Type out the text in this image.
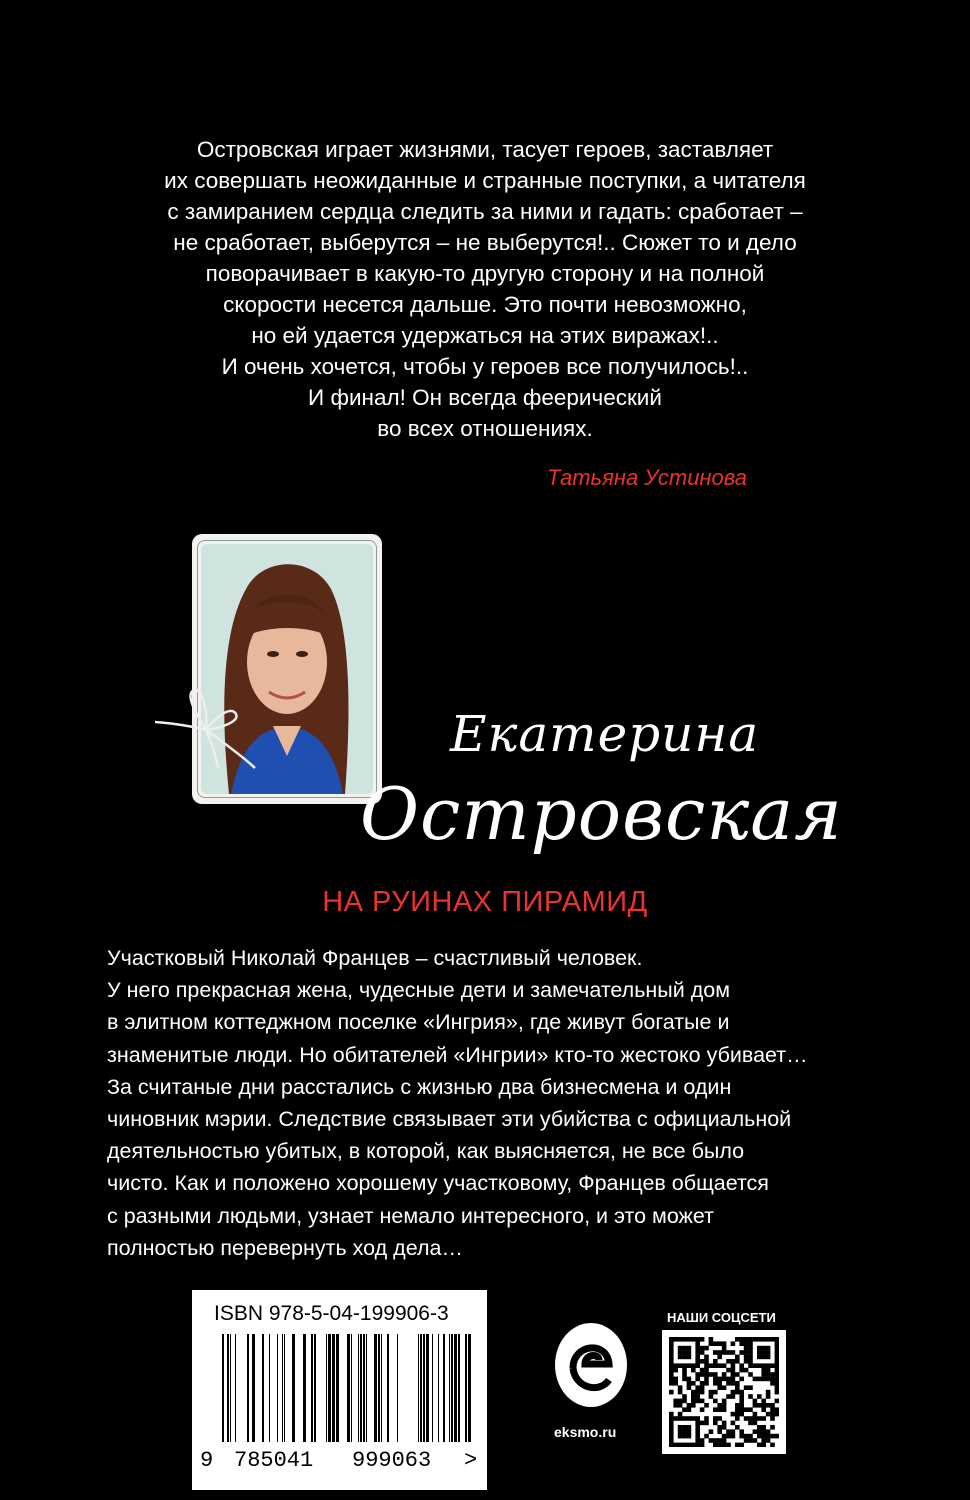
Островская играет жизнями, тасует героев, заставляет
их совершать неожиданные и странные поступки, а читателя
с замиранием сердца следить за ними и гадать: сработает –
не сработает, выберутся – не выберутся!.. Сюжет то и дело
поворачивает в какую-то другую сторону и на полной
скорости несется дальше. Это почти невозможно,
но ей удается удержаться на этих виражах!..
И очень хочется, чтобы у героев все получилось!..
И финал! Он всегда феерический
во всех отношениях.

Татьяна Устинова
Екатерина
Островская
НА РУИНАХ ПИРАМИД
Участковый Николай Францев – счастливый человек.
У него прекрасная жена, чудесные дети и замечательный дом
в элитном коттеджном поселке «Ингрия», где живут богатые и
знаменитые люди. Но обитателей «Ингрии» кто-то жестоко убивает…
За считаные дни расстались с жизнью два бизнесмена и один
чиновник мэрии. Следствие связывает эти убийства с официальной
деятельностью убитых, в которой, как выясняется, не все было
чисто. Как и положено хорошему участковому, Францев общается
с разными людьми, узнает немало интересного, и это может
полностью перевернуть ход дела…
ISBN 978-5-04-199906-3
9 785041 999063 >
eksmo.ru
НАШИ СОЦСЕТИ
